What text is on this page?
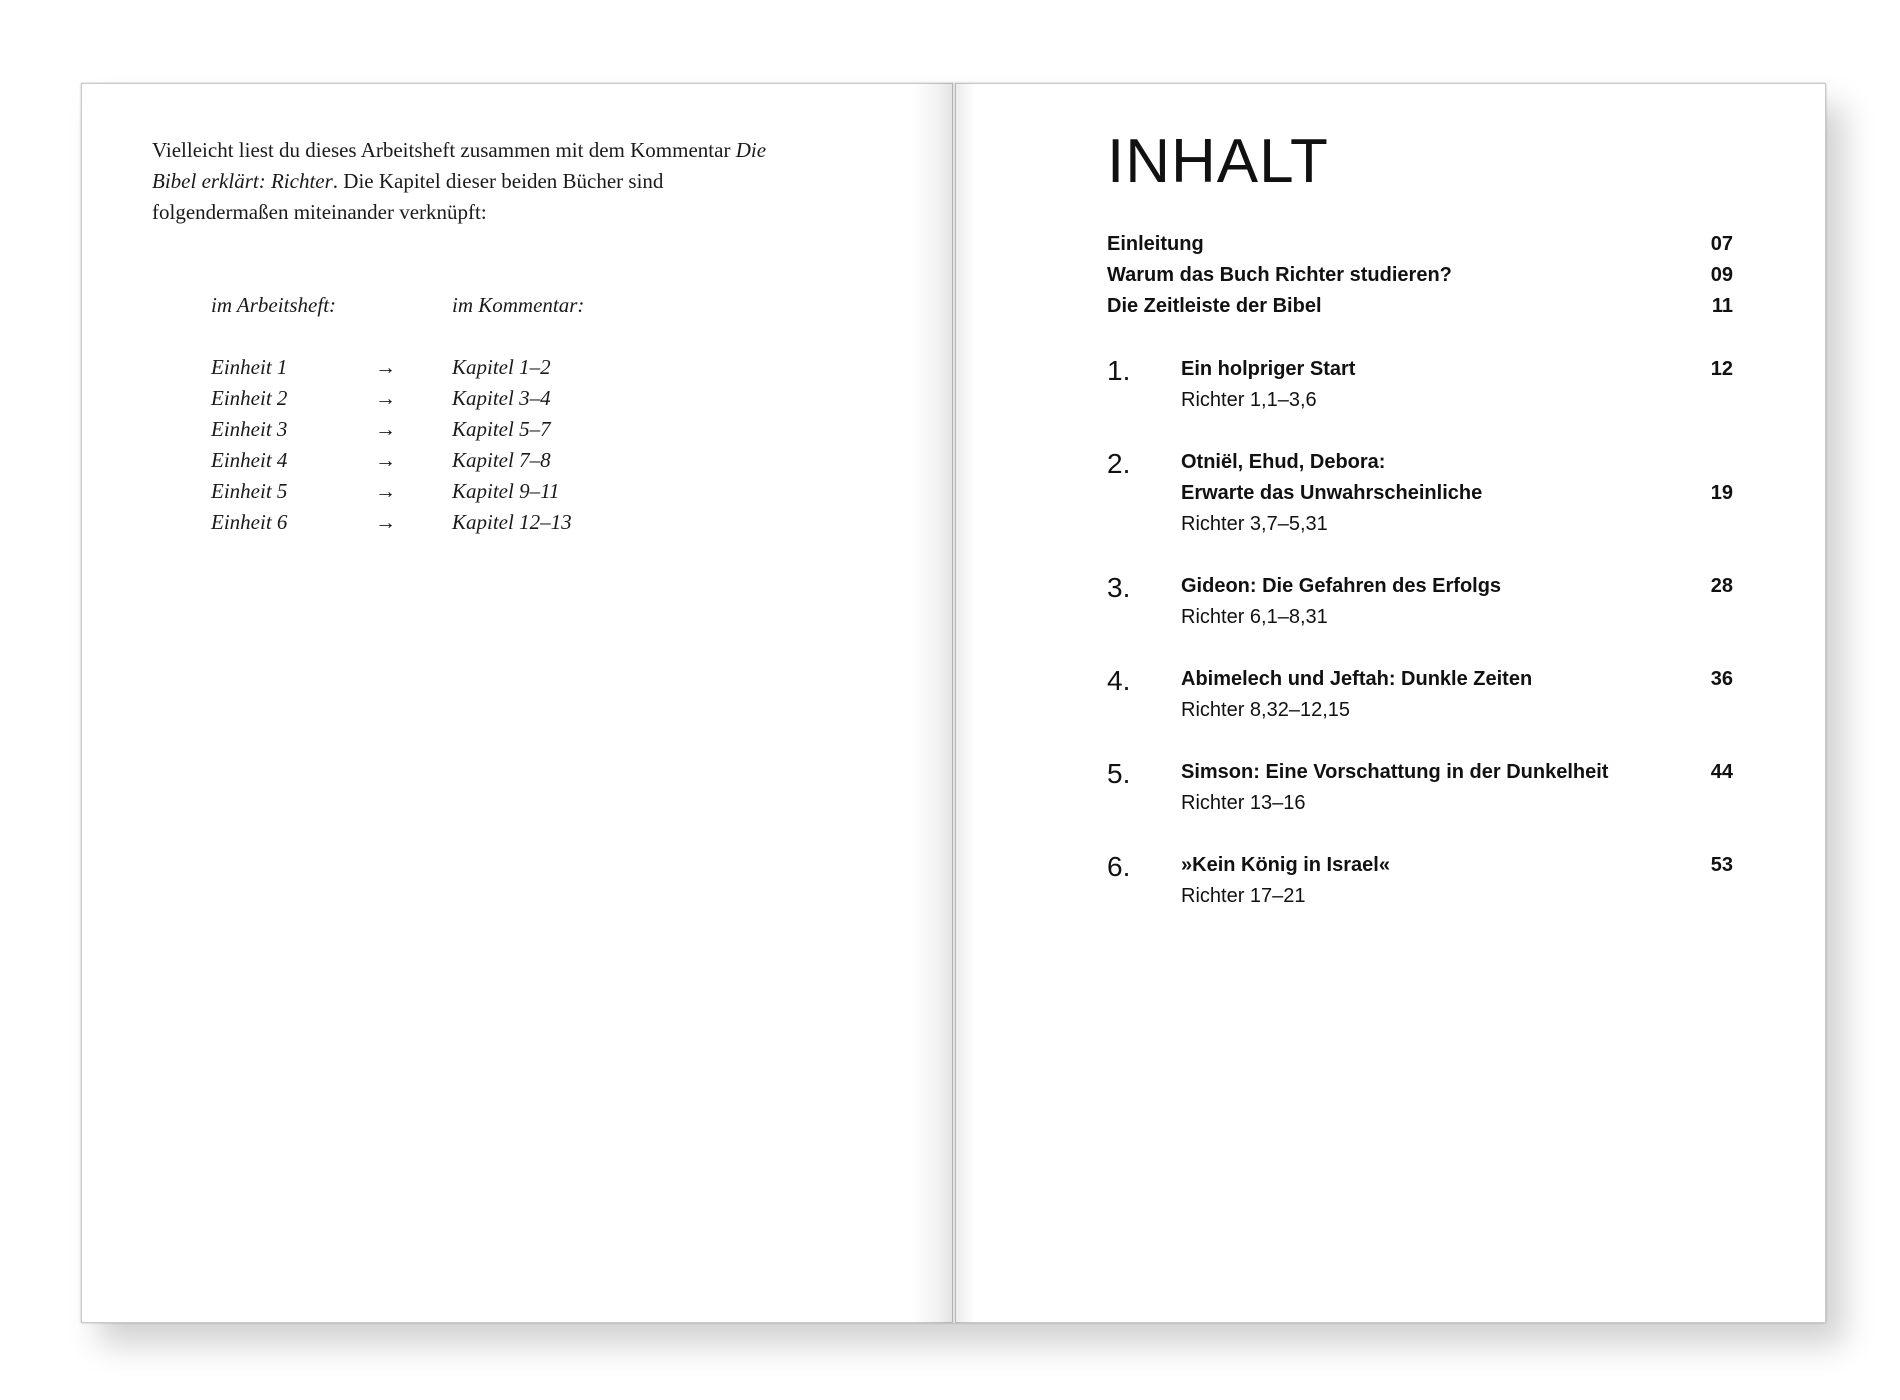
Vielleicht liest du dieses Arbeitsheft zusammen mit dem Kommentar Die Bibel erklärt: Richter. Die Kapitel dieser beiden Bücher sind folgendermaßen miteinander verknüpft:

im Arbeitsheft:	im Kommentar:
Einheit 1	→	Kapitel 1–2
Einheit 2	→	Kapitel 3–4
Einheit 3	→	Kapitel 5–7
Einheit 4	→	Kapitel 7–8
Einheit 5	→	Kapitel 9–11
Einheit 6	→	Kapitel 12–13
INHALT
Einleitung	07
Warum das Buch Richter studieren?	09
Die Zeitleiste der Bibel	11
1.	Ein holpriger Start	12
Richter 1,1–3,6
2.	Otniël, Ehud, Debora:
Erwarte das Unwahrscheinliche	19
Richter 3,7–5,31
3.	Gideon: Die Gefahren des Erfolgs	28
Richter 6,1–8,31
4.	Abimelech und Jeftah: Dunkle Zeiten	36
Richter 8,32–12,15
5.	Simson: Eine Vorschattung in der Dunkelheit	44
Richter 13–16
6.	»Kein König in Israel«	53
Richter 17–21
